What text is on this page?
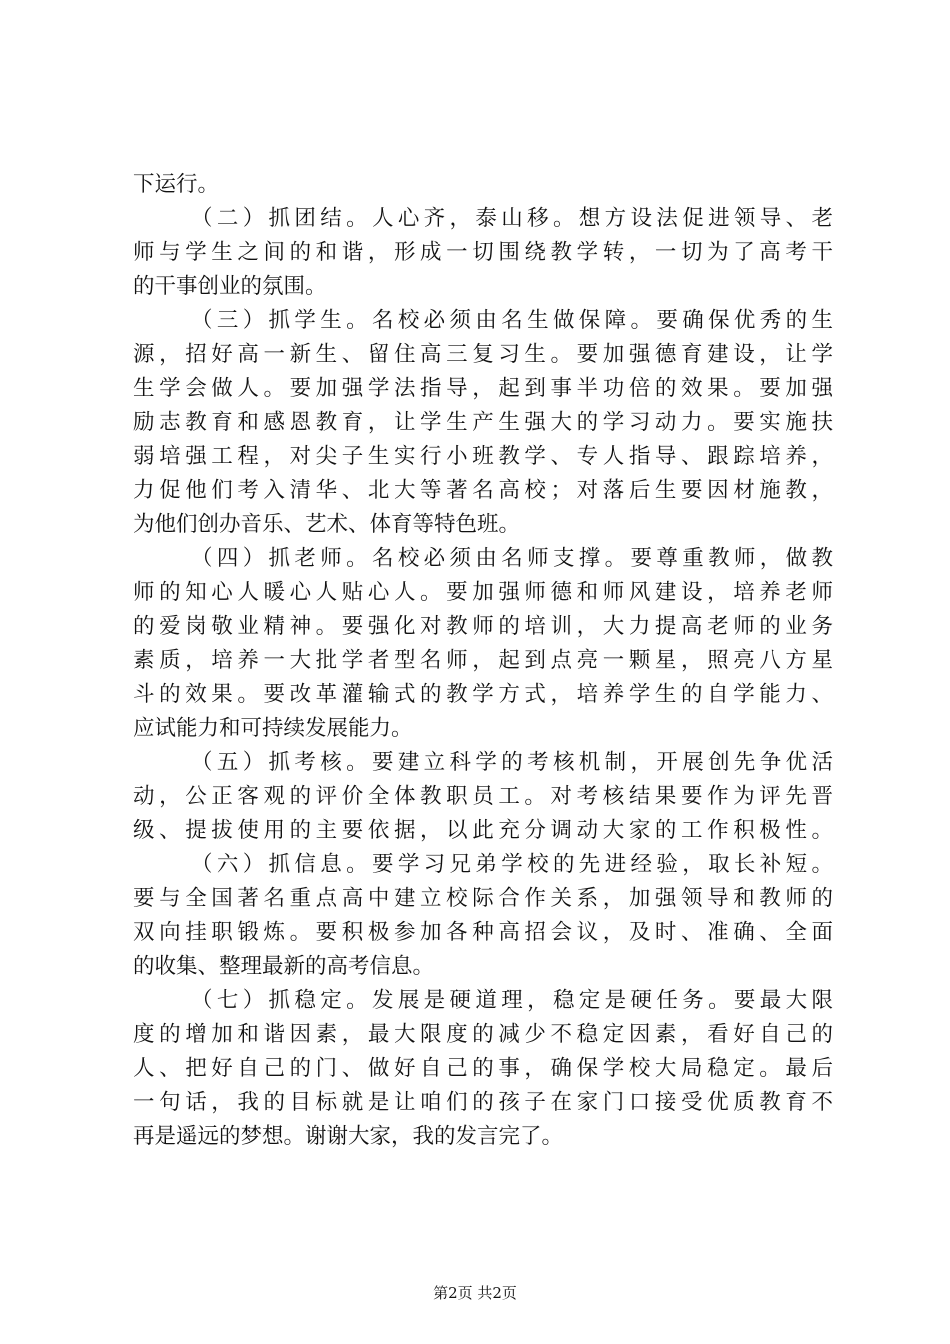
下运行。
（二）抓团结。人心齐，泰山移。想方设法促进领导、老
师与学生之间的和谐，形成一切围绕教学转，一切为了高考干
的干事创业的氛围。
（三）抓学生。名校必须由名生做保障。要确保优秀的生
源，招好高一新生、留住高三复习生。要加强德育建设，让学
生学会做人。要加强学法指导，起到事半功倍的效果。要加强
励志教育和感恩教育，让学生产生强大的学习动力。要实施扶
弱培强工程，对尖子生实行小班教学、专人指导、跟踪培养，
力促他们考入清华、北大等著名高校；对落后生要因材施教，
为他们创办音乐、艺术、体育等特色班。
（四）抓老师。名校必须由名师支撑。要尊重教师，做教
师的知心人暖心人贴心人。要加强师德和师风建设，培养老师
的爱岗敬业精神。要强化对教师的培训，大力提高老师的业务
素质，培养一大批学者型名师，起到点亮一颗星，照亮八方星
斗的效果。要改革灌输式的教学方式，培养学生的自学能力、
应试能力和可持续发展能力。
（五）抓考核。要建立科学的考核机制，开展创先争优活
动，公正客观的评价全体教职员工。对考核结果要作为评先晋
级、提拔使用的主要依据，以此充分调动大家的工作积极性。
（六）抓信息。要学习兄弟学校的先进经验，取长补短。
要与全国著名重点高中建立校际合作关系，加强领导和教师的
双向挂职锻炼。要积极参加各种高招会议，及时、准确、全面
的收集、整理最新的高考信息。
（七）抓稳定。发展是硬道理，稳定是硬任务。要最大限
度的增加和谐因素，最大限度的减少不稳定因素，看好自己的
人、把好自己的门、做好自己的事，确保学校大局稳定。最后
一句话，我的目标就是让咱们的孩子在家门口接受优质教育不
再是遥远的梦想。谢谢大家，我的发言完了。
第2页 共2页
